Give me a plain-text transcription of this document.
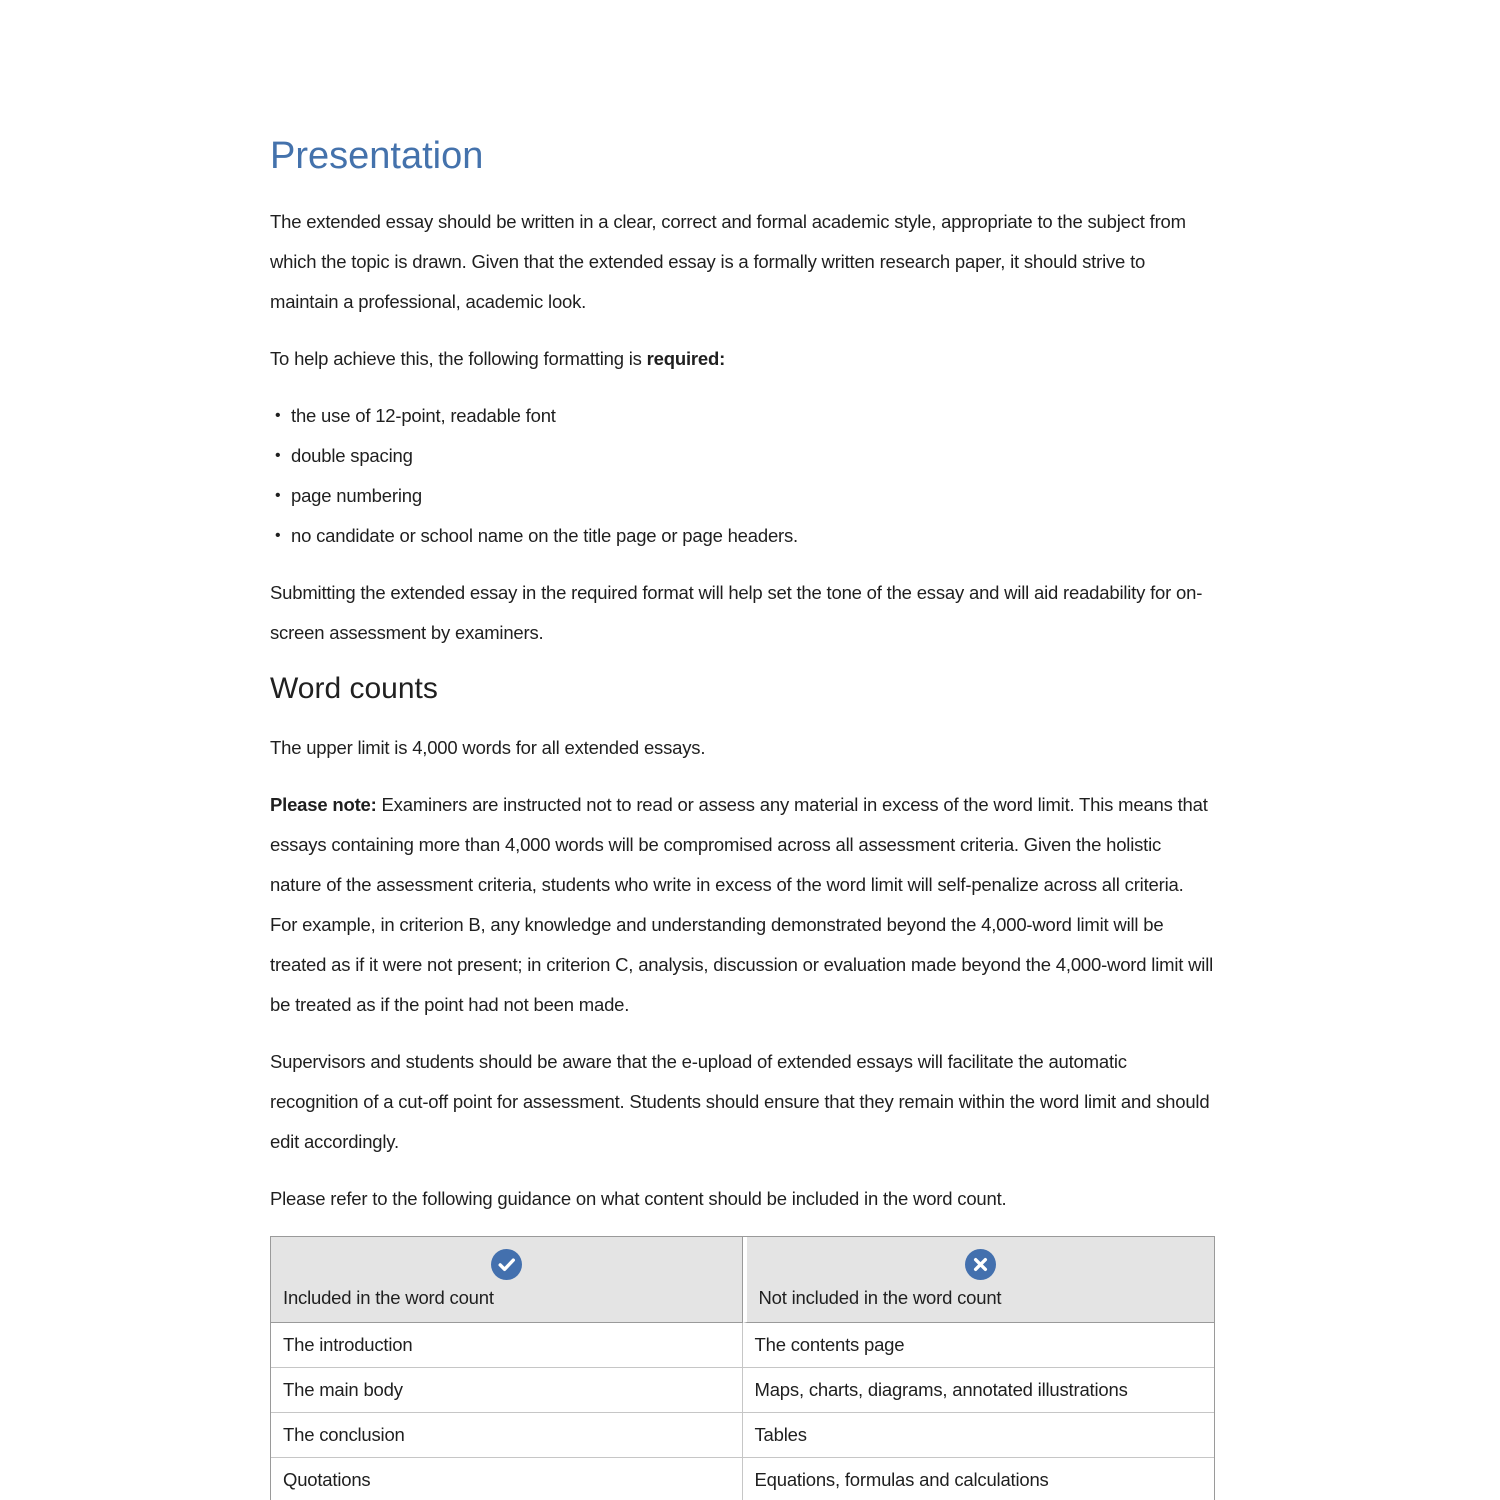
Presentation

The extended essay should be written in a clear, correct and formal academic style, appropriate to the subject from which the topic is drawn. Given that the extended essay is a formally written research paper, it should strive to maintain a professional, academic look.

To help achieve this, the following formatting is required:

• the use of 12-point, readable font
• double spacing
• page numbering
• no candidate or school name on the title page or page headers.

Submitting the extended essay in the required format will help set the tone of the essay and will aid readability for on-screen assessment by examiners.

Word counts

The upper limit is 4,000 words for all extended essays.

Please note: Examiners are instructed not to read or assess any material in excess of the word limit. This means that essays containing more than 4,000 words will be compromised across all assessment criteria. Given the holistic nature of the assessment criteria, students who write in excess of the word limit will self-penalize across all criteria. For example, in criterion B, any knowledge and understanding demonstrated beyond the 4,000-word limit will be treated as if it were not present; in criterion C, analysis, discussion or evaluation made beyond the 4,000-word limit will be treated as if the point had not been made.

Supervisors and students should be aware that the e-upload of extended essays will facilitate the automatic recognition of a cut-off point for assessment. Students should ensure that they remain within the word limit and should edit accordingly.

Please refer to the following guidance on what content should be included in the word count.

Included in the word count	Not included in the word count

The introduction	The contents page
The main body	Maps, charts, diagrams, annotated illustrations
The conclusion	Tables
Quotations	Equations, formulas and calculations
